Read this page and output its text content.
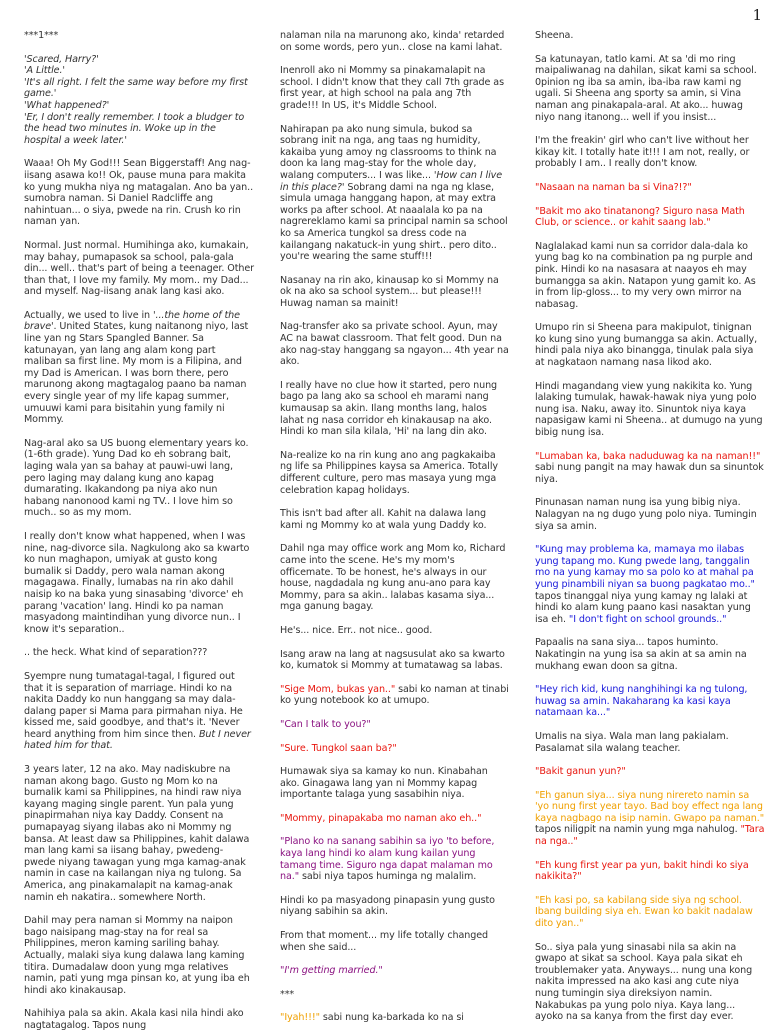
1

***1***

'Scared, Harry?'
'A Little.'
'It's all right. I felt the same way before my first game.'
'What happened?'
'Er, I don't really remember. I took a bludger to the head two minutes in. Woke up in the hospital a week later.'

Waaa! Oh My God!!! Sean Biggerstaff! Ang nag-iisang asawa ko!! Ok, pause muna para makita ko yung mukha niya ng matagalan. Ano ba yan.. sumobra naman. Si Daniel Radcliffe ang nahintuan... o siya, pwede na rin. Crush ko rin naman yan.

Normal. Just normal. Humihinga ako, kumakain, may bahay, pumapasok sa school, pala-gala din... well.. that's part of being a teenager. Other than that, I love my family. My mom.. my Dad... and myself. Nag-iisang anak lang kasi ako.

Actually, we used to live in '...the home of the brave'. United States, kung naitanong niyo, last line yan ng Stars Spangled Banner. Sa katunayan, yan lang ang alam kong part maliban sa first line. My mom is a Filipina, and my Dad is American. I was born there, pero marunong akong magtagalog paano ba naman every single year of my life kapag summer, umuuwi kami para bisitahin yung family ni Mommy.

Nag-aral ako sa US buong elementary years ko. (1-6th grade). Yung Dad ko eh sobrang bait, laging wala yan sa bahay at pauwi-uwi lang, pero laging may dalang kung ano kapag dumarating. Ikakandong pa niya ako nun habang nanonood kami ng TV.. I love him so much.. so as my mom.

I really don't know what happened, when I was nine, nag-divorce sila. Nagkulong ako sa kwarto ko nun maghapon, umiyak at gusto kong bumalik si Daddy, pero wala naman akong magagawa. Finally, lumabas na rin ako dahil naisip ko na baka yung sinasabing 'divorce' eh parang 'vacation' lang. Hindi ko pa naman masyadong maintindihan yung divorce nun.. I know it's separation..

.. the heck. What kind of separation???

Syempre nung tumatagal-tagal, I figured out that it is separation of marriage. Hindi ko na nakita Daddy ko nun hanggang sa may dala-dalang paper si Mama para pirmahan niya. He kissed me, said goodbye, and that's it. 'Never heard anything from him since then. But I never hated him for that.

3 years later, 12 na ako. May nadiskubre na naman akong bago. Gusto ng Mom ko na bumalik kami sa Philippines, na hindi raw niya kayang maging single parent. Yun pala yung pinapirmahan niya kay Daddy. Consent na pumapayag siyang ilabas ako ni Mommy ng bansa. At least daw sa Philippines, kahit dalawa man lang kami sa iisang bahay, pwedeng-pwede niyang tawagan yung mga kamag-anak namin in case na kailangan niya ng tulong. Sa America, ang pinakamalapit na kamag-anak namin eh nakatira.. somewhere North.

Dahil may pera naman si Mommy na naipon bago naisipang mag-stay na for real sa Philippines, meron kaming sariling bahay. Actually, malaki siya kung dalawa lang kaming titira. Dumadalaw doon yung mga relatives namin, pati yung mga pinsan ko, at yung iba eh hindi ako kinakausap.

Nahihiya pala sa akin. Akala kasi nila hindi ako nagtatagalog. Tapos nung

nalaman nila na marunong ako, kinda' retarded on some words, pero yun.. close na kami lahat.

Inenroll ako ni Mommy sa pinakamalapit na school. I didn't know that they call 7th grade as first year, at high school na pala ang 7th grade!!! In US, it's Middle School.

Nahirapan pa ako nung simula, bukod sa sobrang init na nga, ang taas ng humidity, kakaiba yung amoy ng classrooms to think na doon ka lang mag-stay for the whole day, walang computers... I was like... 'How can I live in this place?' Sobrang dami na nga ng klase, simula umaga hanggang hapon, at may extra works pa after school. At naaalala ko pa na nagrereklamo kami sa principal namin sa school ko sa America tungkol sa dress code na kailangang nakatuck-in yung shirt.. pero dito.. you're wearing the same stuff!!!

Nasanay na rin ako, kinausap ko si Mommy na ok na ako sa school system... but please!!! Huwag naman sa mainit!

Nag-transfer ako sa private school. Ayun, may AC na bawat classroom. That felt good. Dun na ako nag-stay hanggang sa ngayon... 4th year na ako.

I really have no clue how it started, pero nung bago pa lang ako sa school eh marami nang kumausap sa akin. Ilang months lang, halos lahat ng nasa corridor eh kinakausap na ako. Hindi ko man sila kilala, 'Hi' na lang din ako.

Na-realize ko na rin kung ano ang pagkakaiba ng life sa Philippines kaysa sa America. Totally different culture, pero mas masaya yung mga celebration kapag holidays.

This isn't bad after all. Kahit na dalawa lang kami ng Mommy ko at wala yung Daddy ko.

Dahil nga may office work ang Mom ko, Richard came into the scene. He's my mom's officemate. To be honest, he's always in our house, nagdadala ng kung anu-ano para kay Mommy, para sa akin.. lalabas kasama siya... mga ganung bagay.

He's... nice. Err.. not nice.. good.

Isang araw na lang at nagsusulat ako sa kwarto ko, kumatok si Mommy at tumatawag sa labas.

"Sige Mom, bukas yan.." sabi ko naman at tinabi ko yung notebook ko at umupo.

"Can I talk to you?"

"Sure. Tungkol saan ba?"

Humawak siya sa kamay ko nun. Kinabahan ako. Ginagawa lang yan ni Mommy kapag importante talaga yung sasabihin niya.

"Mommy, pinapakaba mo naman ako eh.."

"Plano ko na sanang sabihin sa iyo 'to before, kaya lang hindi ko alam kung kailan yung tamang time. Siguro nga dapat malaman mo na." sabi niya tapos huminga ng malalim.

Hindi ko pa masyadong pinapasin yung gusto niyang sabihin sa akin.

From that moment... my life totally changed when she said...

"I'm getting married."

***

"Iyah!!!" sabi nung ka-barkada ko na si

Sheena.

Sa katunayan, tatlo kami. At sa 'di mo ring maipaliwanag na dahilan, sikat kami sa school. 0pinion ng iba sa amin, iba-iba raw kami ng ugali. Si Sheena ang sporty sa amin, si Vina naman ang pinakapala-aral. At ako... huwag niyo nang itanong... well if you insist...

I'm the freakin' girl who can't live without her kikay kit. I totally hate it!!! I am not, really, or probably I am.. I really don't know.

"Nasaan na naman ba si Vina?!?"

"Bakit mo ako tinatanong? Siguro nasa Math Club, or science.. or kahit saang lab."

Naglalakad kami nun sa corridor dala-dala ko yung bag ko na combination pa ng purple and pink. Hindi ko na nasasara at naayos eh may bumangga sa akin. Natapon yung gamit ko. As in from lip-gloss... to my very own mirror na nabasag.

Umupo rin si Sheena para makipulot, tinignan ko kung sino yung bumangga sa akin. Actually, hindi pala niya ako binangga, tinulak pala siya at nagkataon namang nasa likod ako.

Hindi magandang view yung nakikita ko. Yung lalaking tumulak, hawak-hawak niya yung polo nung isa. Naku, away ito. Sinuntok niya kaya napasigaw kami ni Sheena.. at dumugo na yung bibig nung isa.

"Lumaban ka, baka naduduwag ka na naman!!" sabi nung pangit na may hawak dun sa sinuntok niya.

Pinunasan naman nung isa yung bibig niya. Nalagyan na ng dugo yung polo niya. Tumingin siya sa amin.

"Kung may problema ka, mamaya mo ilabas yung tapang mo. Kung pwede lang, tanggalin mo na yung kamay mo sa polo ko at mahal pa yung pinambili niyan sa buong pagkatao mo.." tapos tinanggal niya yung kamay ng lalaki at hindi ko alam kung paano kasi nasaktan yung isa eh. "I don't fight on school grounds.."

Papaalis na sana siya... tapos huminto. Nakatingin na yung isa sa akin at sa amin na mukhang ewan doon sa gitna.

"Hey rich kid, kung nanghihingi ka ng tulong, huwag sa amin. Nakaharang ka kasi kaya natamaan ka..."

Umalis na siya. Wala man lang pakialam. Pasalamat sila walang teacher.

"Bakit ganun yun?"

"Eh ganun siya... siya nung nirereto namin sa 'yo nung first year tayo. Bad boy effect nga lang kaya nagbago na isip namin. Gwapo pa naman." tapos niligpit na namin yung mga nahulog. "Tara na nga.."

"Eh kung first year pa yun, bakit hindi ko siya nakikita?"

"Eh kasi po, sa kabilang side siya ng school. Ibang building siya eh. Ewan ko bakit nadalaw dito yan.."

So.. siya pala yung sinasabi nila sa akin na gwapo at sikat sa school. Kaya pala sikat eh troublemaker yata. Anyways... nung una kong nakita impressed na ako kasi ang cute niya nung tumingin siya direksiyon namin. Nakabukas pa yung polo niya. Kaya lang... ayoko na sa kanya from the first day ever.
